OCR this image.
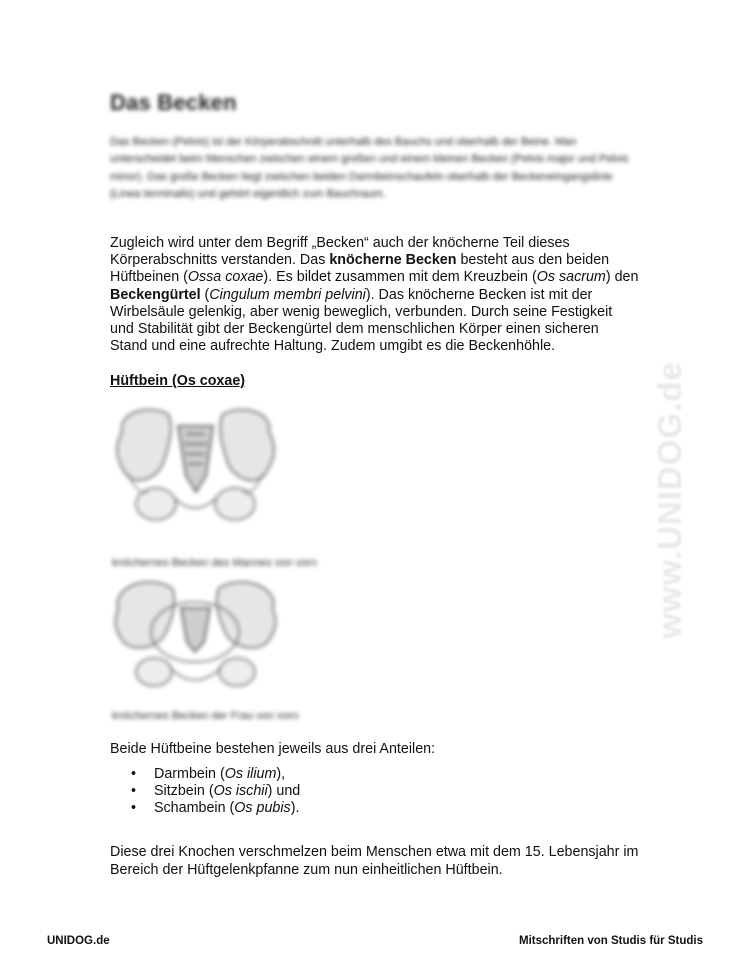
Das Becken
Das Becken (Pelvis) ist der Körperabschnitt unterhalb des Bauchs und oberhalb der Beine. Man unterscheidet beim Menschen zwischen einem großen und einem kleinen Becken (Pelvis major und Pelvis minor). Das große Becken liegt zwischen beiden Darmbeinschaufeln oberhalb der Beckeneingangslinie (Linea terminalis) und gehört eigentlich zum Bauchraum.
Zugleich wird unter dem Begriff „Becken“ auch der knöcherne Teil dieses Körperabschnitts verstanden. Das knöcherne Becken besteht aus den beiden Hüftbeinen (Ossa coxae). Es bildet zusammen mit dem Kreuzbein (Os sacrum) den Beckengürtel (Cingulum membri pelvini). Das knöcherne Becken ist mit der Wirbelsäule gelenkig, aber wenig beweglich, verbunden. Durch seine Festigkeit und Stabilität gibt der Beckengürtel dem menschlichen Körper einen sicheren Stand und eine aufrechte Haltung. Zudem umgibt es die Beckenhöhle.
Hüftbein (Os coxae)
knöchernes Becken des Mannes von vorn
knöchernes Becken der Frau von vorn
www.UNIDOG.de
Beide Hüftbeine bestehen jeweils aus drei Anteilen:
• Darmbein (Os ilium),
• Sitzbein (Os ischii) und
• Schambein (Os pubis).
Diese drei Knochen verschmelzen beim Menschen etwa mit dem 15. Lebensjahr im Bereich der Hüftgelenkpfanne zum nun einheitlichen Hüftbein.
UNIDOG.de	Mitschriften von Studis für Studis
